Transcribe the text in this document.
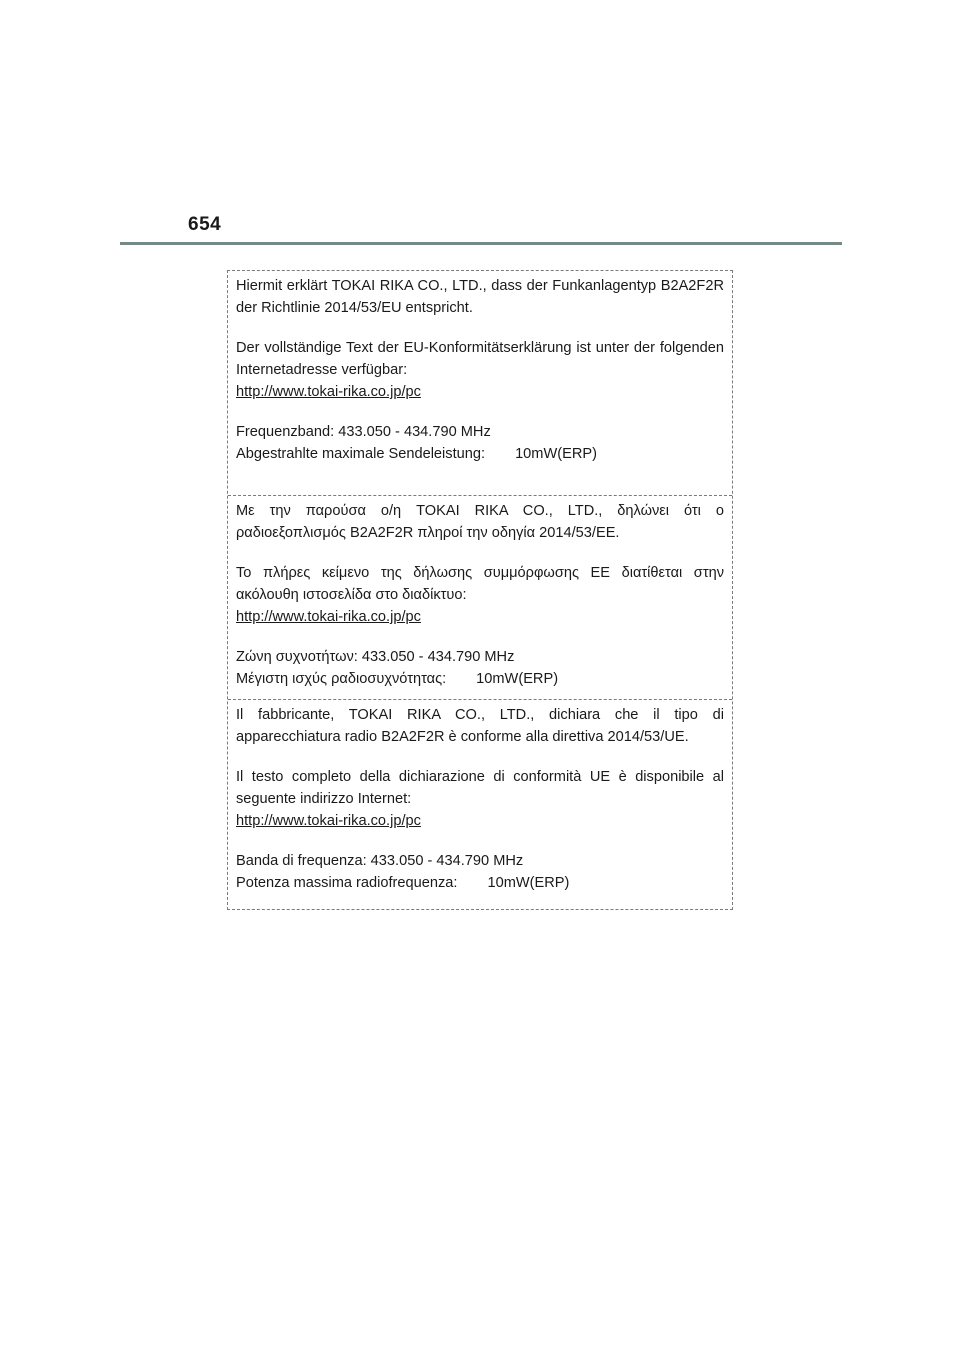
654

Hiermit erklärt TOKAI RIKA CO., LTD., dass der Funkanlagentyp B2A2F2R der Richtlinie 2014/53/EU entspricht.

Der vollständige Text der EU-Konformitätserklärung ist unter der folgenden Internetadresse verfügbar:
http://www.tokai-rika.co.jp/pc

Frequenzband: 433.050 - 434.790 MHz
Abgestrahlte maximale Sendeleistung: 10mW(ERP)

Με την παρούσα ο/η TOKAI RIKA CO., LTD., δηλώνει ότι ο ραδιοεξοπλισμός B2A2F2R πληροί την οδηγία 2014/53/ΕΕ.

Το πλήρες κείμενο της δήλωσης συμμόρφωσης ΕΕ διατίθεται στην ακόλουθη ιστοσελίδα στο διαδίκτυο:
http://www.tokai-rika.co.jp/pc

Ζώνη συχνοτήτων: 433.050 - 434.790 MHz
Μέγιστη ισχύς ραδιοσυχνότητας: 10mW(ERP)

Il fabbricante, TOKAI RIKA CO., LTD., dichiara che il tipo di apparecchiatura radio B2A2F2R è conforme alla direttiva 2014/53/UE.

Il testo completo della dichiarazione di conformità UE è disponibile al seguente indirizzo Internet:
http://www.tokai-rika.co.jp/pc

Banda di frequenza: 433.050 - 434.790 MHz
Potenza massima radiofrequenza: 10mW(ERP)
